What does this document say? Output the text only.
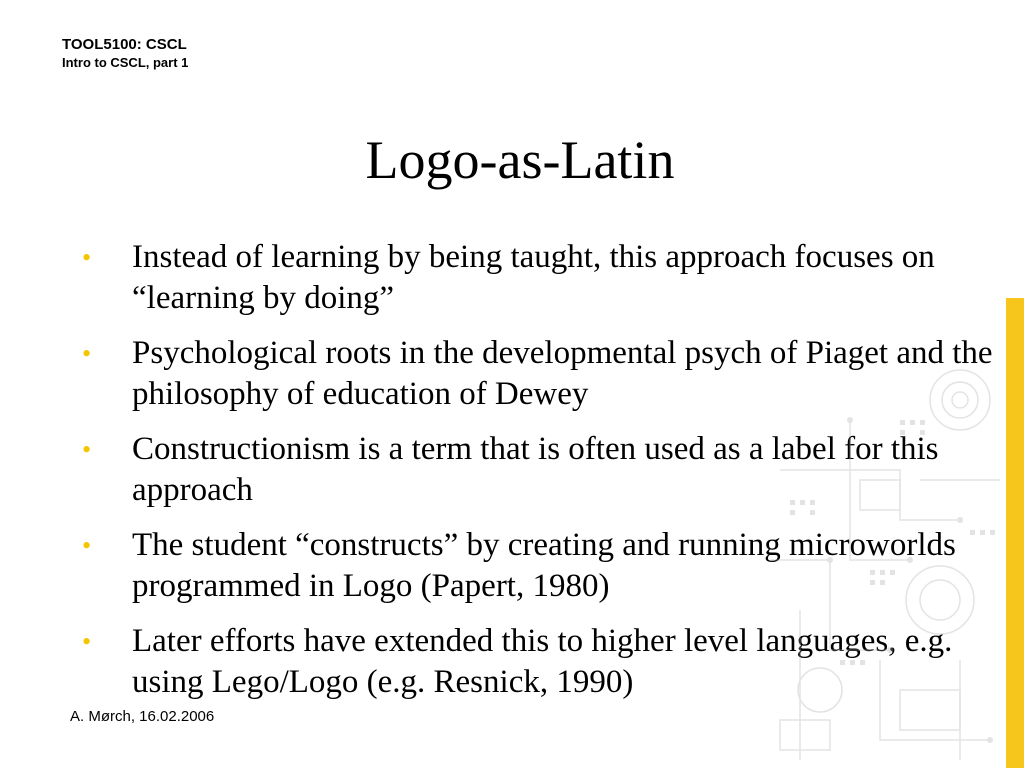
TOOL5100: CSCL
Intro to CSCL, part 1
Logo-as-Latin
• Instead of learning by being taught, this approach focuses on “learning by doing”
• Psychological roots in the developmental psych of Piaget and the philosophy of education of Dewey
• Constructionism is a term that is often used as a label for this approach
• The student “constructs” by creating and running microworlds programmed in Logo (Papert, 1980)
• Later efforts have extended this to higher level languages, e.g. using Lego/Logo (e.g. Resnick, 1990)
A. Mørch, 16.02.2006
